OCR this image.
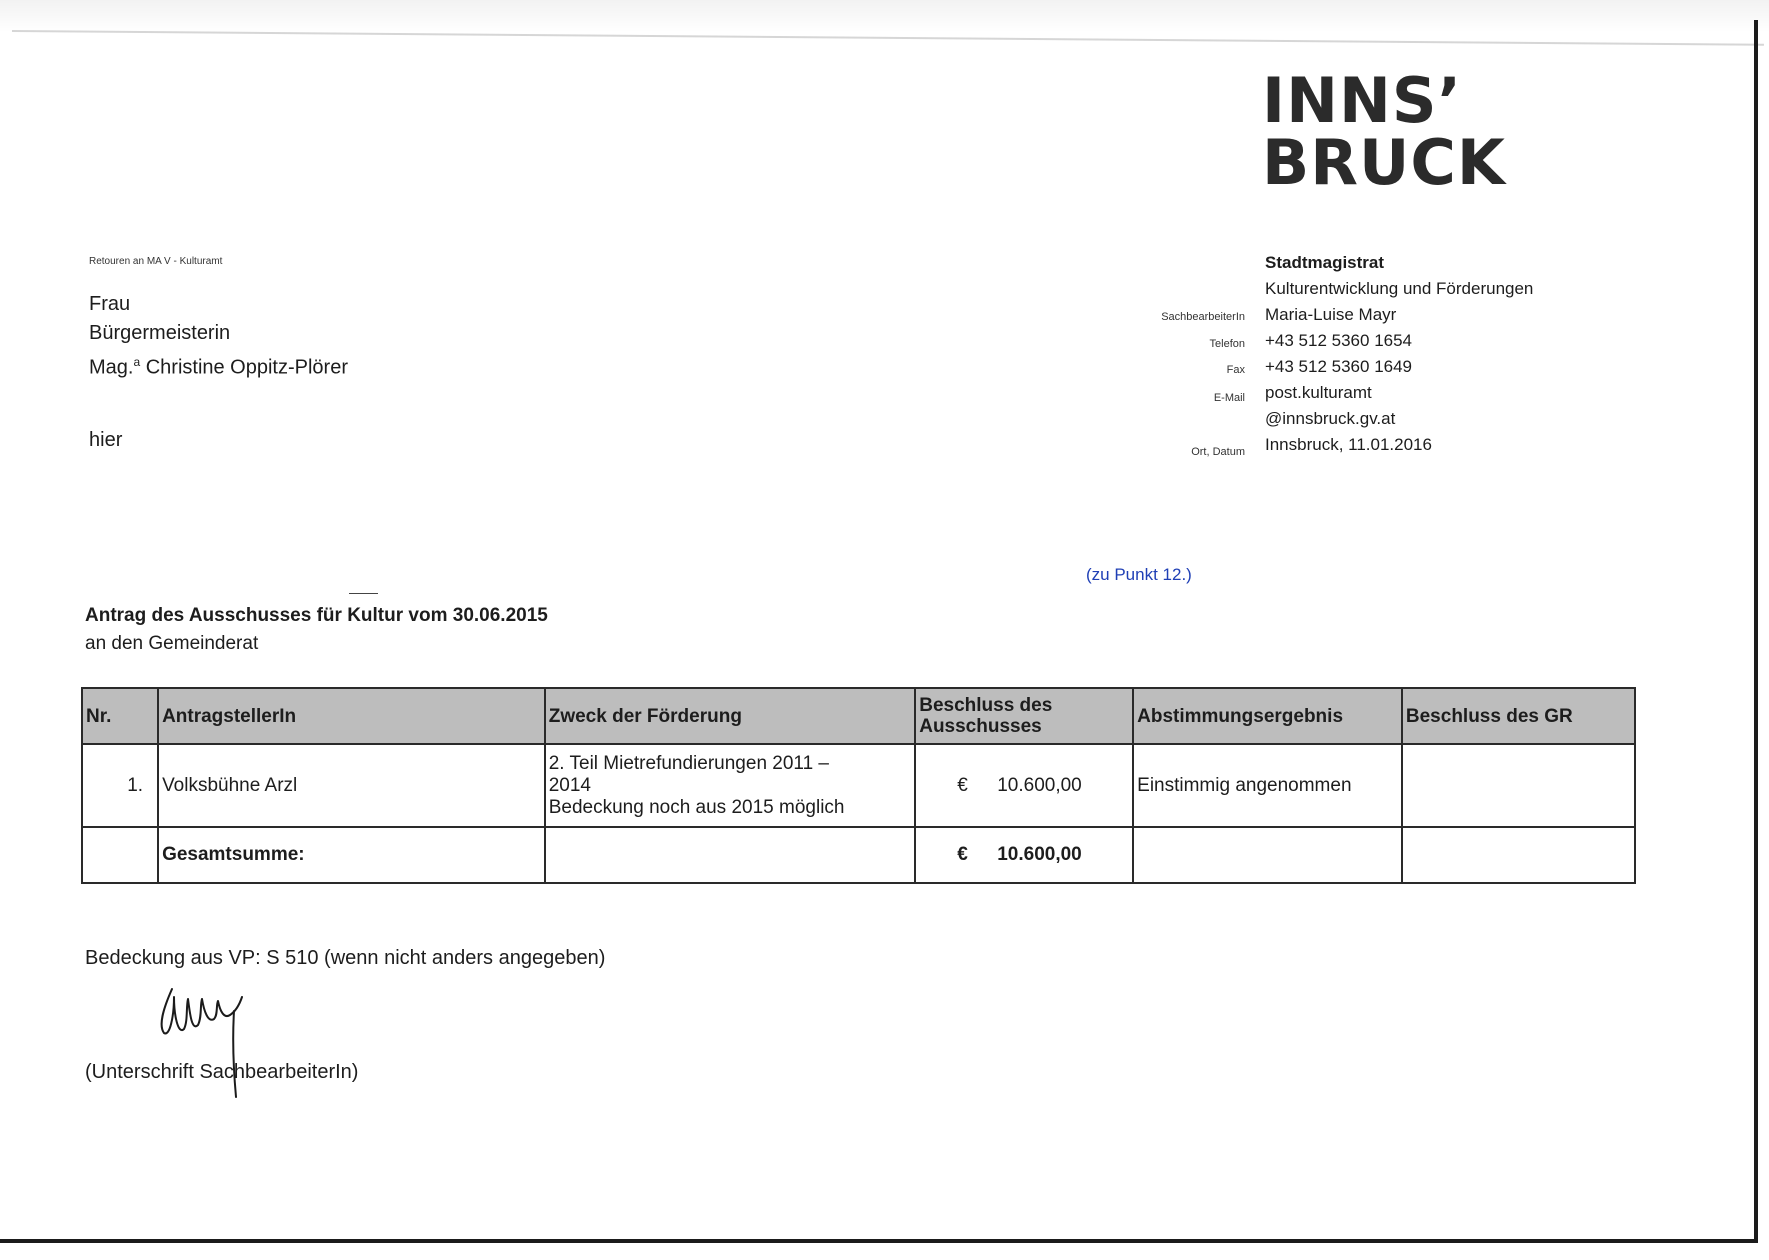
INNS’
BRUCK
Retouren an MA V - Kulturamt
Frau
Bürgermeisterin
Mag.$^a$ Christine Oppitz-Plörer
hier
SachbearbeiterIn
Telefon
Fax
E-Mail
Ort, Datum
Stadtmagistrat
Kulturentwicklung und Förderungen
Maria-Luise Mayr
+43 512 5360 1654
+43 512 5360 1649
post.kulturamt
@innsbruck.gv.at
Innsbruck, 11.01.2016
(zu Punkt 12.)
Antrag des Ausschusses für Kultur vom 30.06.2015
an den Gemeinderat
Nr.	AntragstellerIn	Zweck der Förderung	Beschluss des
Ausschusses	Abstimmungsergebnis	Beschluss des GR
1.	Volksbühne Arzl	2. Teil Mietrefundierungen 2011 –
2014
Bedeckung noch aus 2015 möglich	€ 10.600,00	Einstimmig angenommen	
	Gesamtsumme:		€ 10.600,00		
Bedeckung aus VP: S 510 (wenn nicht anders angegeben)
(Unterschrift SachbearbeiterIn)
